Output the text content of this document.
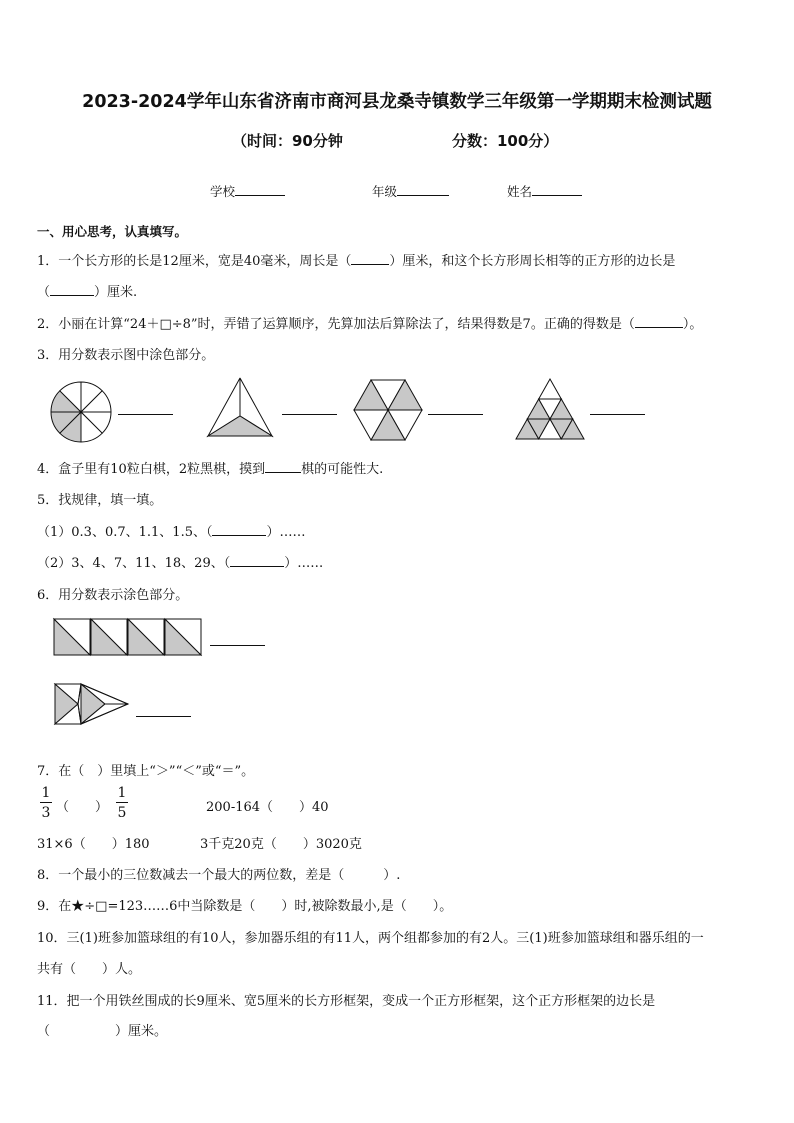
2023-2024学年山东省济南市商河县龙桑寺镇数学三年级第一学期期末检测试题
（时间：90分钟	分数：100分）
学校	年级	姓名
一、用心思考，认真填写。
1．一个长方形的长是12厘米，宽是40毫米，周长是（	）厘米，和这个长方形周长相等的正方形的边长是
（	）厘米.
2．小丽在计算“24＋□÷8”时，弄错了运算顺序，先算加法后算除法了，结果得数是7。正确的得数是（	）。
3．用分数表示图中涂色部分。
4．盒子里有10粒白棋，2粒黑棋，摸到	棋的可能性大.
5．找规律，填一填。
（1）0.3、0.7、1.1、1.5、（	）……
（2）3、4、7、11、18、29、（	）……
6．用分数表示涂色部分。
7．在（　）里填上“＞”“＜”或“＝”。
$\frac{1}{3}$ （　　） $\frac{1}{5}$	200-164（　　）40
31×6（　　）180	3千克20克（　　）3020克
8．一个最小的三位数减去一个最大的两位数，差是（　　　）.
9．在★÷□=123……6中当除数是（　　）时,被除数最小,是（　　）。
10．三(1)班参加篮球组的有10人，参加器乐组的有11人，两个组都参加的有2人。三(1)班参加篮球组和器乐组的一
共有（　　）人。
11．把一个用铁丝围成的长9厘米、宽5厘米的长方形框架，变成一个正方形框架，这个正方形框架的边长是
（　　　　　）厘米。
